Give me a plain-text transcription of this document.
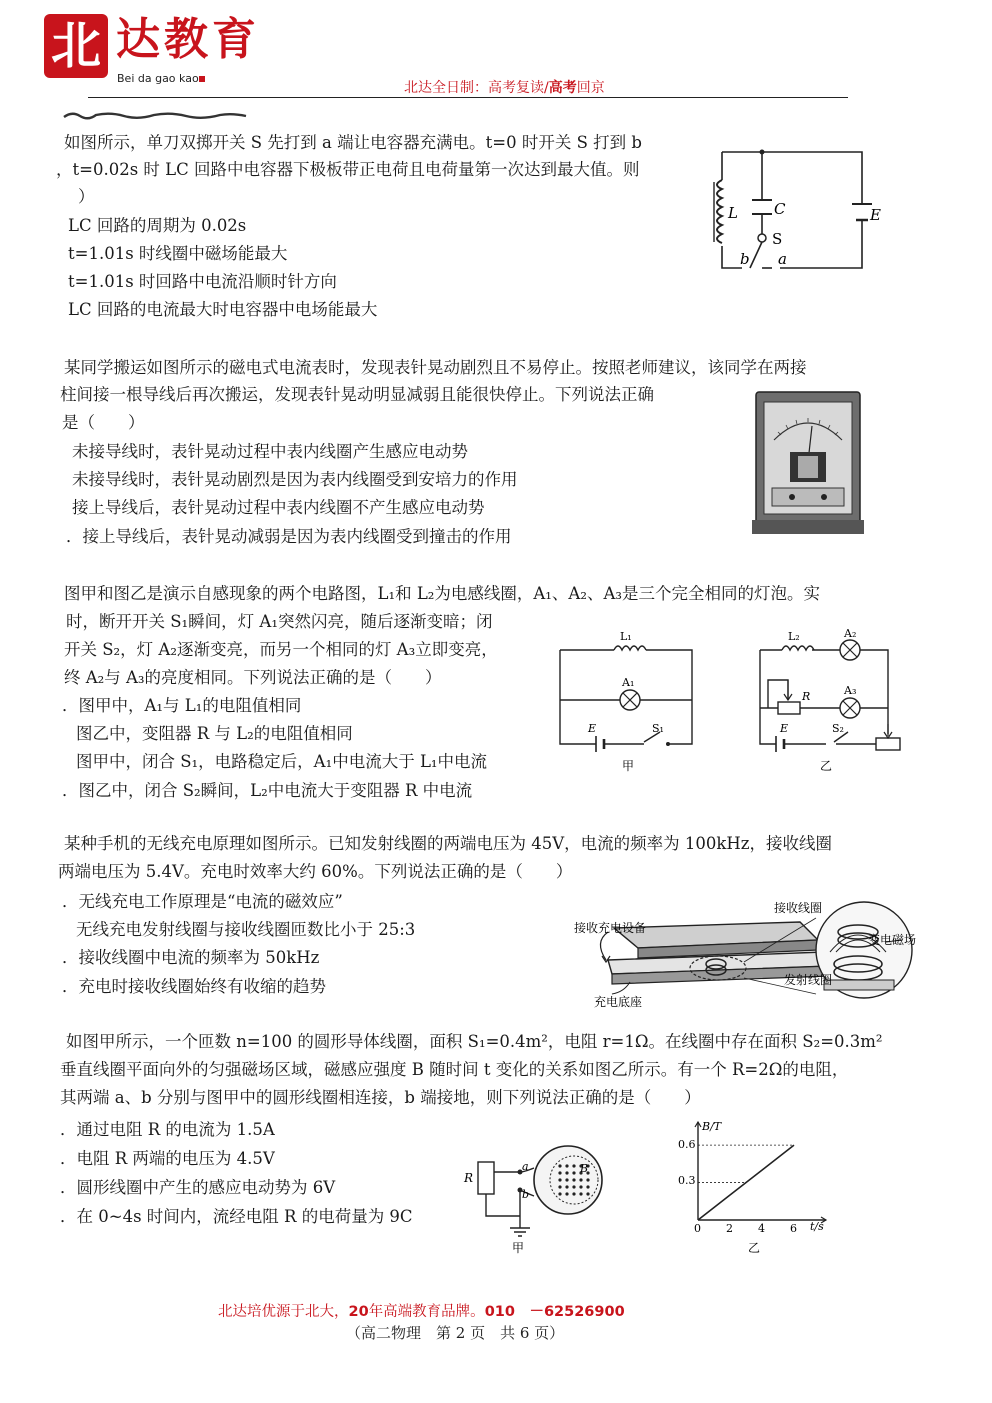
北 达教育
Bei da gao kao
北达全日制：高考复读/高考回京
如图所示，单刀双掷开关 S 先打到 a 端让电容器充满电。t=0 时开关 S 打到 b
，t=0.02s 时 LC 回路中电容器下极板带正电荷且电荷量第一次达到最大值。则
）
LC 回路的周期为 0.02s
t=1.01s 时线圈中磁场能最大
t=1.01s 时回路中电流沿顺时针方向
LC 回路的电流最大时电容器中电场能最大
L C
S
E
b a
某同学搬运如图所示的磁电式电流表时，发现表针晃动剧烈且不易停止。按照老师建议，该同学在两接
柱间接一根导线后再次搬运，发现表针晃动明显减弱且能很快停止。下列说法正确
是（　　）
未接导线时，表针晃动过程中表内线圈产生感应电动势
未接导线时，表针晃动剧烈是因为表内线圈受到安培力的作用
接上导线后，表针晃动过程中表内线圈不产生感应电动势
．接上导线后，表针晃动减弱是因为表内线圈受到撞击的作用
图甲和图乙是演示自感现象的两个电路图，L₁和 L₂为电感线圈，A₁、A₂、A₃是三个完全相同的灯泡。实
时，断开开关 S₁瞬间，灯 A₁突然闪亮，随后逐渐变暗；闭
开关 S₂，灯 A₂逐渐变亮，而另一个相同的灯 A₃立即变亮，
终 A₂与 A₃的亮度相同。下列说法正确的是（　　）
．图甲中，A₁与 L₁的电阻值相同
图乙中，变阻器 R 与 L₂的电阻值相同
图甲中，闭合 S₁，电路稳定后，A₁中电流大于 L₁中电流
．图乙中，闭合 S₂瞬间，L₂中电流大于变阻器 R 中电流
L₁
A₁
E	S₁
甲
L₂	A₂
R	A₃
E	S₂
乙
某种手机的无线充电原理如图所示。已知发射线圈的两端电压为 45V，电流的频率为 100kHz，接收线圈
两端电压为 5.4V。充电时效率大约 60%。下列说法正确的是（　　）
．无线充电工作原理是“电流的磁效应”
无线充电发射线圈与接收线圈匝数比小于 25:3
．接收线圈中电流的频率为 50kHz
．充电时接收线圈始终有收缩的趋势
接收充电设备
充电底座
接收线圈
变电磁场
发射线圈
如图甲所示，一个匝数 n=100 的圆形导体线圈，面积 S₁=0.4m²，电阻 r=1Ω。在线圈中存在面积 S₂=0.3m²
垂直线圈平面向外的匀强磁场区域，磁感应强度 B 随时间 t 变化的关系如图乙所示。有一个 R=2Ω的电阻，
其两端 a、b 分别与图甲中的圆形线圈相连接，b 端接地，则下列说法正确的是（　　）
．通过电阻 R 的电流为 1.5A
．电阻 R 两端的电压为 4.5V
．圆形线圈中产生的感应电动势为 6V
．在 0~4s 时间内，流经电阻 R 的电荷量为 9C
R
a
b
B
甲
B/T
t/s
0.6
0.3
0 2 4 6
乙
北达培优源于北大，20年高端教育品牌。010　－62526900
（高二物理　第 2 页　共 6 页）
